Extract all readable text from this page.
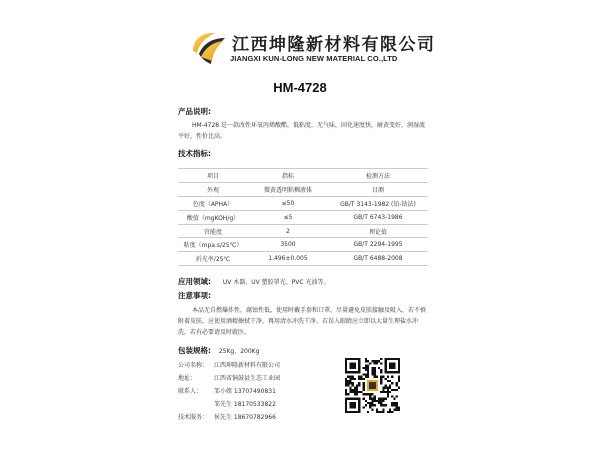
江西坤隆新材料有限公司
JIANGXI KUN-LONG NEW MATERIAL CO.,LTD
HM-4728
产品说明:
HM-4728 是一款改性环氧丙烯酸酯，低粘度，无气味，固化速度快，耐黄变好，润湿流平好，性价比高。
技术指标:
项目	指标	检测方法
外观	微黄透明粘稠液体	目测
色度（APHA）	≤50	GB/T 3143-1982 (铂-钴法)
酸值（mgKOH/g）	≤5	GB/T 6743-1986
官能度	2	理论值
粘度（mpa.s/25℃）	3500	GB/T 2294-1995
折光率/25℃	1.496±0.005	GB/T 6488-2008
应用领域: UV 木器、UV 塑胶罩光、PVC 光油等。
注意事项:
本品无自燃爆炸性，腐蚀性低，使用时戴手套和口罩，尽量避免皮肤接触及吸入，若不慎附着皮肤，应使用酒精擦拭干净，再用清水冲洗干净，若误入眼睛应立即以大量生理盐水冲洗，若有必要请及时就医。
包装规格: 25Kg、200Kg
公司名称： 江西坤隆新材料有限公司
地址：	江西省铜鼓县生态工业园
联系人： 邹小姐 13707490831
邹先生 18170533822
技术服务： 侯先生 18670782966
